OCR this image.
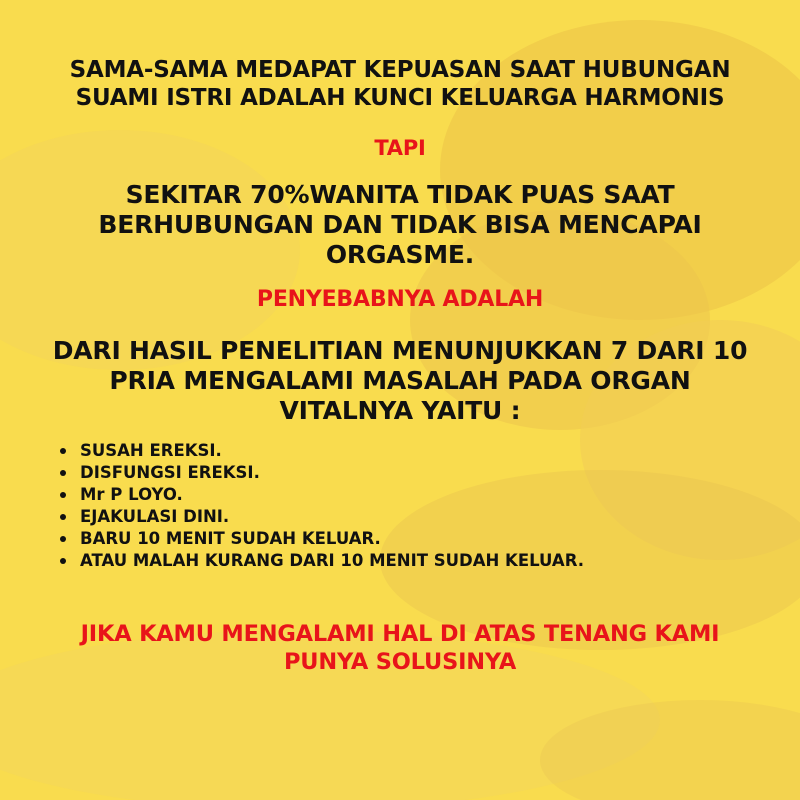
SAMA-SAMA MEDAPAT KEPUASAN SAAT HUBUNGAN
SUAMI ISTRI ADALAH KUNCI KELUARGA HARMONIS

TAPI

SEKITAR 70%WANITA TIDAK PUAS SAAT
BERHUBUNGAN DAN TIDAK BISA MENCAPAI
ORGASME.

PENYEBABNYA ADALAH

DARI HASIL PENELITIAN MENUNJUKKAN 7 DARI 10
PRIA MENGALAMI MASALAH PADA ORGAN
VITALNYA YAITU :

SUSAH EREKSI.
DISFUNGSI EREKSI.
Mr P LOYO.
EJAKULASI DINI.
BARU 10 MENIT SUDAH KELUAR.
ATAU MALAH KURANG DARI 10 MENIT SUDAH KELUAR.

JIKA KAMU MENGALAMI HAL DI ATAS TENANG KAMI
PUNYA SOLUSINYA
